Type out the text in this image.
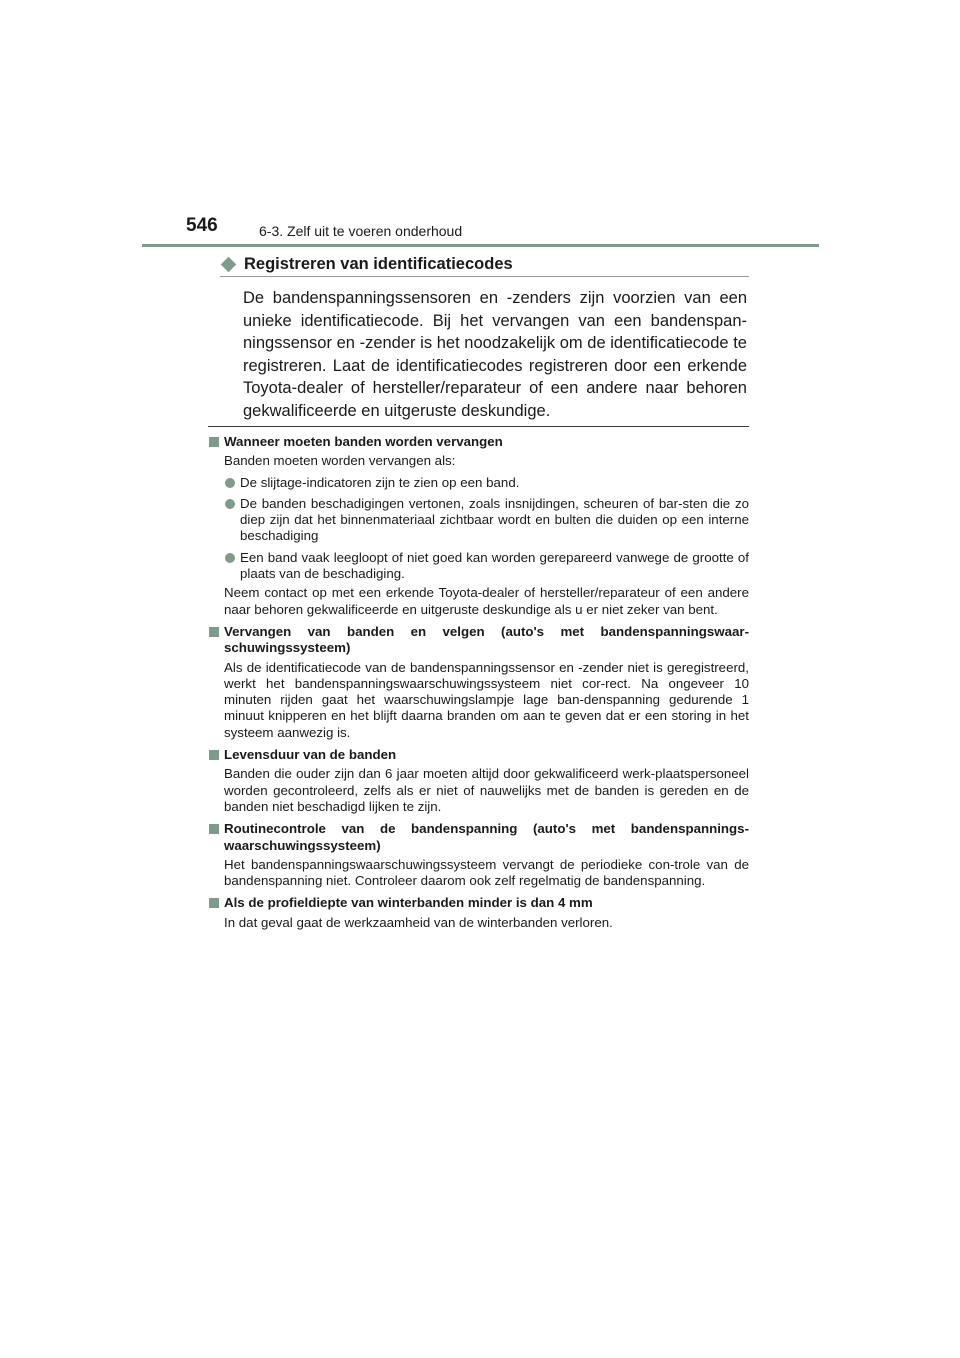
546	6-3. Zelf uit te voeren onderhoud
Registreren van identificatiecodes

De bandenspanningssensoren en -zenders zijn voorzien van een unieke identificatiecode. Bij het vervangen van een bandenspan-ningssensor en -zender is het noodzakelijk om de identificatiecode te registreren. Laat de identificatiecodes registreren door een erkende Toyota-dealer of hersteller/reparateur of een andere naar behoren gekwalificeerde en uitgeruste deskundige.

Wanneer moeten banden worden vervangen
Banden moeten worden vervangen als:
De slijtage-indicatoren zijn te zien op een band.
De banden beschadigingen vertonen, zoals insnijdingen, scheuren of bar-sten die zo diep zijn dat het binnenmateriaal zichtbaar wordt en bulten die duiden op een interne beschadiging
Een band vaak leegloopt of niet goed kan worden gerepareerd vanwege de grootte of plaats van de beschadiging.
Neem contact op met een erkende Toyota-dealer of hersteller/reparateur of een andere naar behoren gekwalificeerde en uitgeruste deskundige als u er niet zeker van bent.
Vervangen van banden en velgen (auto's met bandenspanningswaar-schuwingssysteem)
Als de identificatiecode van de bandenspanningssensor en -zender niet is geregistreerd, werkt het bandenspanningswaarschuwingssysteem niet cor-rect. Na ongeveer 10 minuten rijden gaat het waarschuwingslampje lage ban-denspanning gedurende 1 minuut knipperen en het blijft daarna branden om aan te geven dat er een storing in het systeem aanwezig is.
Levensduur van de banden
Banden die ouder zijn dan 6 jaar moeten altijd door gekwalificeerd werk-plaatspersoneel worden gecontroleerd, zelfs als er niet of nauwelijks met de banden is gereden en de banden niet beschadigd lijken te zijn.
Routinecontrole van de bandenspanning (auto's met bandenspannings-waarschuwingssysteem)
Het bandenspanningswaarschuwingssysteem vervangt de periodieke con-trole van de bandenspanning niet. Controleer daarom ook zelf regelmatig de bandenspanning.
Als de profieldiepte van winterbanden minder is dan 4 mm
In dat geval gaat de werkzaamheid van de winterbanden verloren.
